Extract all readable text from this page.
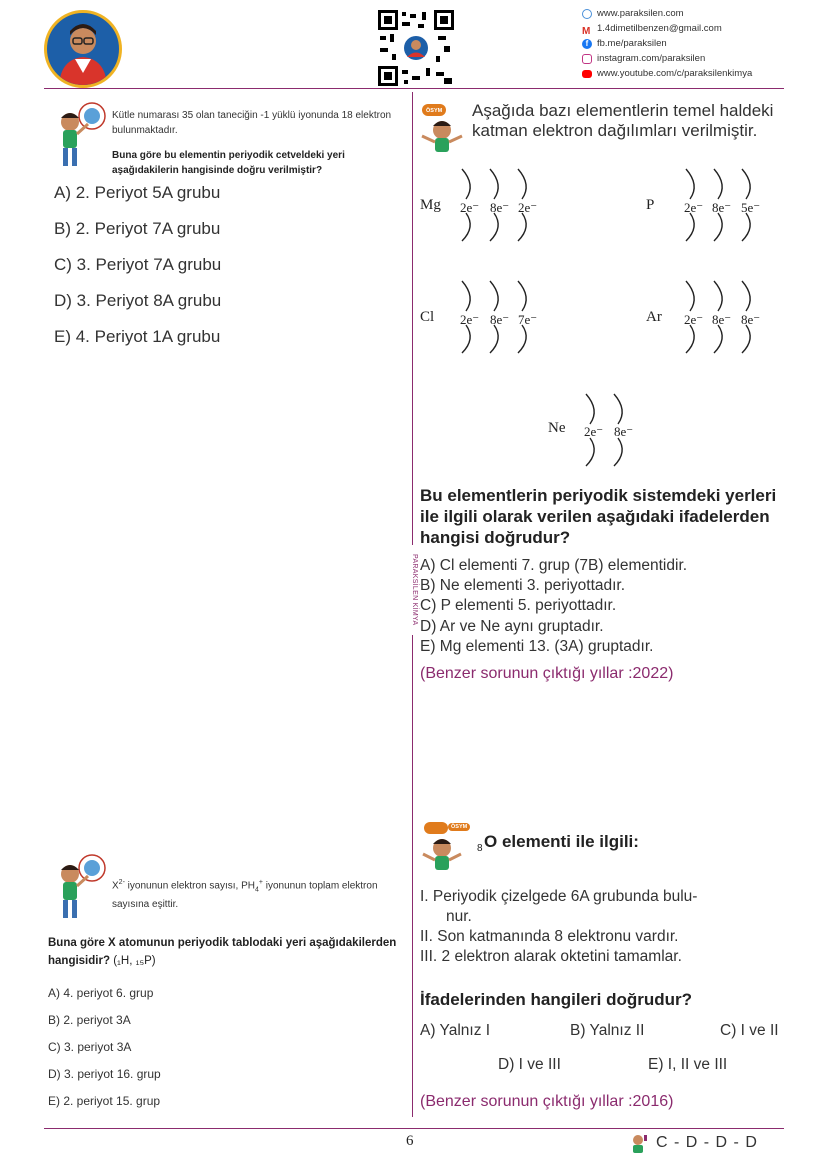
www.paraksilen.com
M 1.4dimetilbenzen@gmail.com
f fb.me/paraksilen
instagram.com/paraksilen
www.youtube.com/c/paraksilenkimya
PARAKSİLEN KİMYA
Kütle numarası 35 olan taneciğin -1 yüklü iyonunda 18 elektron bulunmaktadır.
Buna göre bu elementin periyodik cetveldeki yeri aşağıdakilerin hangisinde doğru verilmiştir?
A) 2. Periyot 5A grubu
B) 2. Periyot 7A grubu
C) 3. Periyot 7A grubu
D) 3. Periyot 8A grubu
E) 4. Periyot 1A grubu
ÖSYM Aşağıda bazı elementlerin temel haldeki katman elektron dağılımları verilmiştir.
Mg 2e⁻ 8e⁻ 2e⁻	P 2e⁻ 8e⁻ 5e⁻
Cl 2e⁻ 8e⁻ 7e⁻	Ar 2e⁻ 8e⁻ 8e⁻
Ne 2e⁻ 8e⁻
Bu elementlerin periyodik sistemdeki yerleri ile ilgili olarak verilen aşağıdaki ifadelerden hangisi doğrudur?
A) Cl elementi 7. grup (7B) elementidir.
B) Ne elementi 3. periyottadır.
C) P elementi 5. periyottadır.
D) Ar ve Ne aynı gruptadır.
E) Mg elementi 13. (3A) gruptadır.
(Benzer sorunun çıktığı yıllar :2022)
ÖSYM
8 O elementi ile ilgili:
I. Periyodik çizelgede 6A grubunda bulu-
nur.
II. Son katmanında 8 elektronu vardır.
III. 2 elektron alarak oktetini tamamlar.
İfadelerinden hangileri doğrudur?
A) Yalnız I	B) Yalnız II	C) I ve II
D) I ve III	E) I, II ve III
(Benzer sorunun çıktığı yıllar :2016)
$X^{2-}$ iyonunun elektron sayısı, $PH_4^+$ iyonunun toplam elektron sayısına eşittir.
Buna göre X atomunun periyodik tablodaki yeri aşağıdakilerden hangisidir? (₁H, ₁₅P)
A) 4. periyot 6. grup
B) 2. periyot 3A
C) 3. periyot 3A
D) 3. periyot 16. grup
E) 2. periyot 15. grup
6	C - D - D - D
